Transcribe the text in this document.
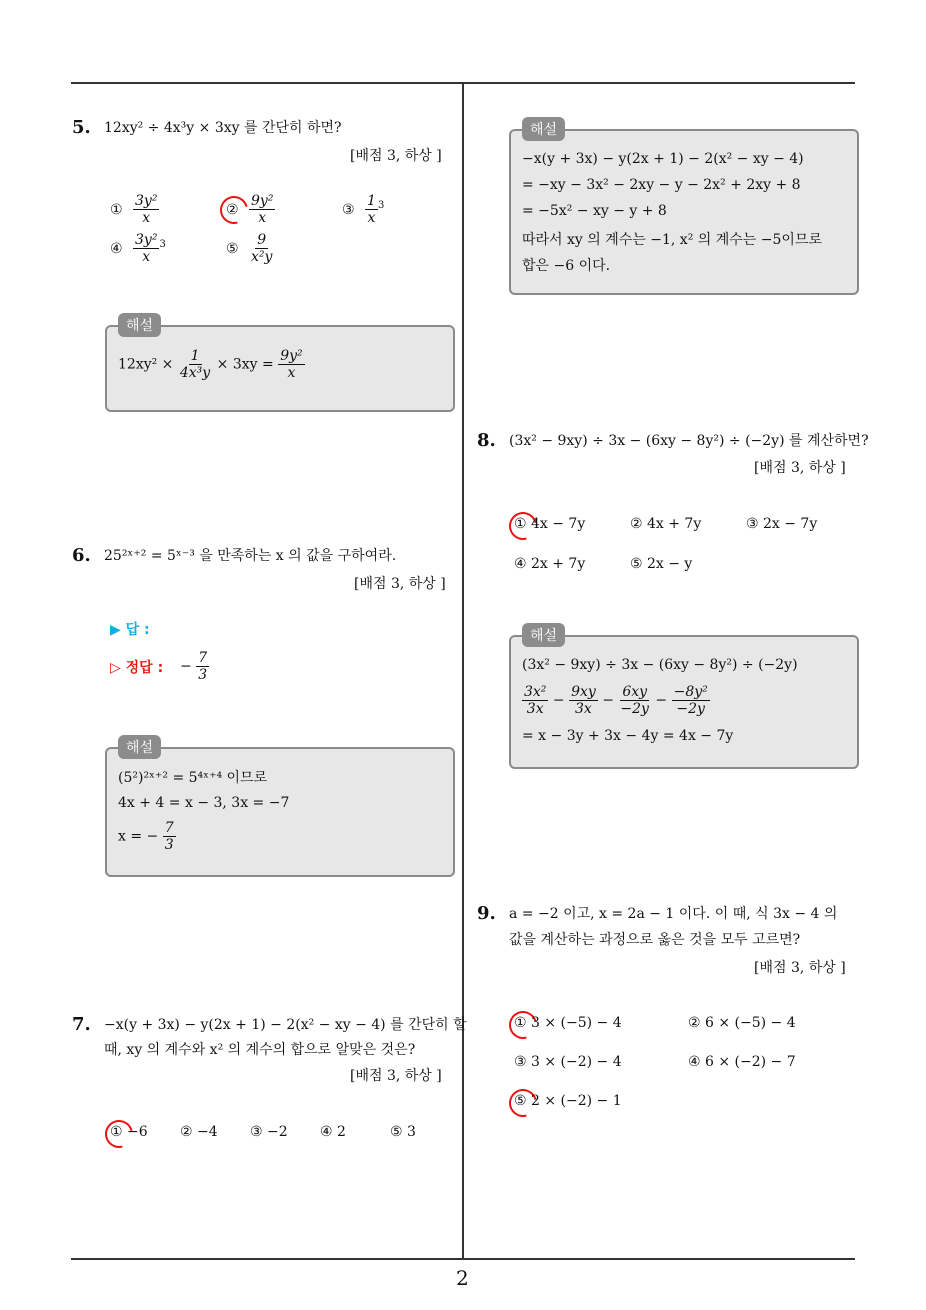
2
5. 12xy² ÷ 4x³y × 3xy 를 간단히 하면?
[배점 3, 하상 ]
① $\frac{\text{3y²}}{x}$	② $\frac{\text{9y²}}{x}$	③ $\frac{1}{x} ^3$
④ $\frac{\text{3y²}}{x} ^3$	⑤ $\frac{9}{\text{x²y}}$
해설
$12xy^2 \times \frac{1}{\text{4x³y}} \times 3xy = \frac{\text{9y²}}{x}$
6. 25²ˣ⁺² = 5ˣ⁻³ 을 만족하는 x 의 값을 구하여라.
[배점 3, 하상 ]
▶ 답 :
▷ 정답 : − $\frac{7}{3}$
해설
(5²)²ˣ⁺² = 5⁴ˣ⁺⁴ 이므로
4x + 4 = x − 3, 3x = −7
x = − $\frac{7}{3}$
7. −x(y + 3x) − y(2x + 1) − 2(x² − xy − 4) 를 간단히 할
때, xy 의 계수와 x² 의 계수의 합으로 알맞은 것은?
[배점 3, 하상 ]
① −6 ② −4 ③ −2 ④ 2	⑤ 3
해설
−x(y + 3x) − y(2x + 1) − 2(x² − xy − 4)
= −xy − 3x² − 2xy − y − 2x² + 2xy + 8
= −5x² − xy − y + 8
따라서 xy 의 계수는 −1, x² 의 계수는 −5이므로
합은 −6 이다.
8. (3x² − 9xy) ÷ 3x − (6xy − 8y²) ÷ (−2y) 를 계산하면?
[배점 3, 하상 ]
① 4x − 7y	② 4x + 7y	③ 2x − 7y
④ 2x + 7y	⑤ 2x − y
해설
(3x² − 9xy) ÷ 3x − (6xy − 8y²) ÷ (−2y)
$\frac{\text{3x²}}{3x} - \frac{9xy}{3x} - \frac{6xy}{-2y} - \frac{\text{−8y²}}{-2y}$
= x − 3y + 3x − 4y = 4x − 7y
9. a = −2 이고, x = 2a − 1 이다. 이 때, 식 3x − 4 의
값을 계산하는 과정으로 옳은 것을 모두 고르면?
[배점 3, 하상 ]
① 3 × (−5) − 4	② 6 × (−5) − 4
③ 3 × (−2) − 4	④ 6 × (−2) − 7
⑤ 2 × (−2) − 1
